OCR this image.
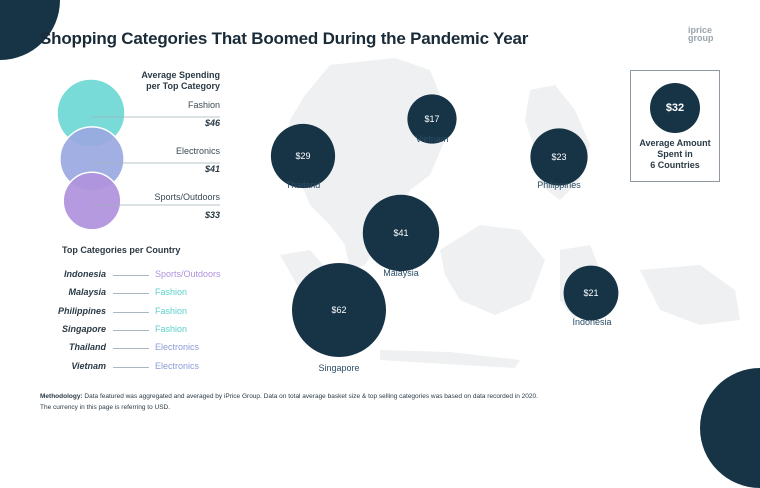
$17
$29	$23
$41
$21
$62
Shopping Categories That Boomed During the Pandemic Year	iprice group
Average Spending
per Top Category
Fashion
$46
Electronics
$41
Sports/Outdoors
$33
Top Categories per Country
Indonesia	Sports/Outdoors
Malaysia	Fashion
Philippines	Fashion
Singapore	Fashion
Thailand	Electronics
Vietnam	Electronics
Vietnam
Thailand	Philippines
Malaysia
Indonesia
Singapore
$32
Average Amount
Spent in
6 Countries
Methodology: Data featured was aggregated and averaged by iPrice Group. Data on total average basket size & top selling categories was based on data recorded in 2020.
The currency in this page is referring to USD.
